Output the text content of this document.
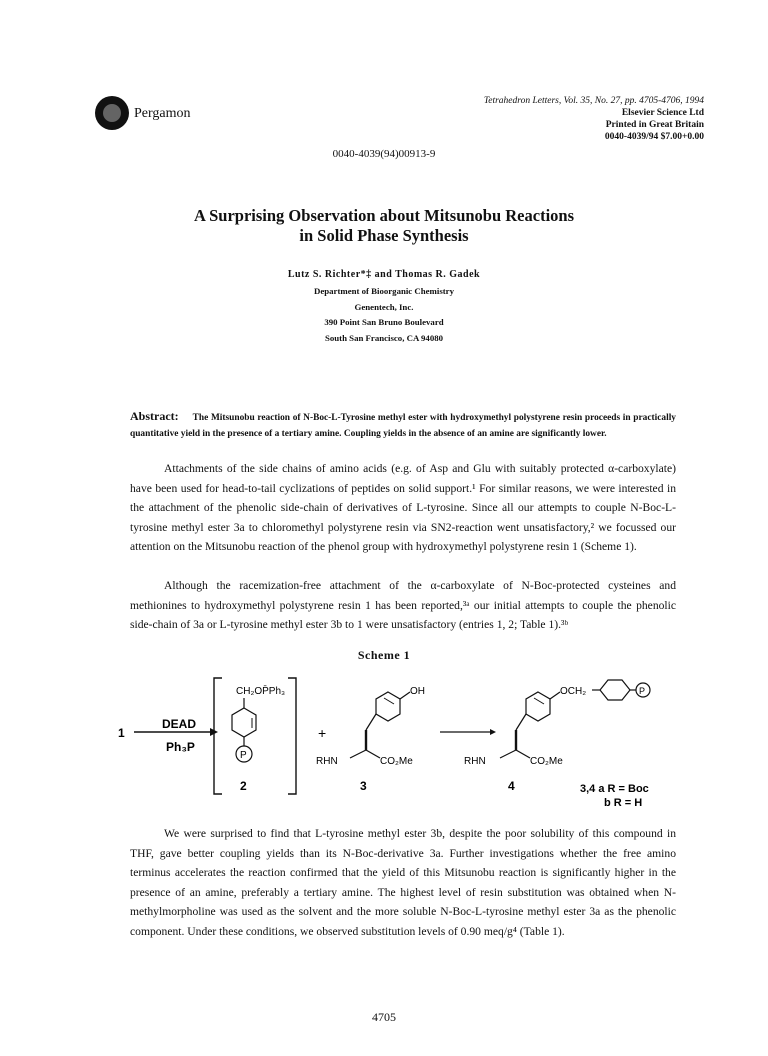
Pergamon
Tetrahedron Letters, Vol. 35, No. 27, pp. 4705-4706, 1994
Elsevier Science Ltd
Printed in Great Britain
0040-4039/94 $7.00+0.00
0040-4039(94)00913-9
A Surprising Observation about Mitsunobu Reactions
in Solid Phase Synthesis
Lutz S. Richter*‡ and Thomas R. Gadek
Department of Bioorganic Chemistry
Genentech, Inc.
390 Point San Bruno Boulevard
South San Francisco, CA 94080
Abstract: The Mitsunobu reaction of N-Boc-L-Tyrosine methyl ester with hydroxymethyl polystyrene resin proceeds in practically quantitative yield in the presence of a tertiary amine. Coupling yields in the absence of an amine are significantly lower.
Attachments of the side chains of amino acids (e.g. of Asp and Glu with suitably protected α-carboxylate) have been used for head-to-tail cyclizations of peptides on solid support.¹ For similar reasons, we were interested in the attachment of the phenolic side-chain of derivatives of L-tyrosine. Since all our attempts to couple N-Boc-L-tyrosine methyl ester 3a to chloromethyl polystyrene resin via SN2-reaction went unsatisfactory,² we focussed our attention on the Mitsunobu reaction of the phenol group with hydroxymethyl polystyrene resin 1 (Scheme 1).
Although the racemization-free attachment of the α-carboxylate of N-Boc-protected cysteines and methionines to hydroxymethyl polystyrene resin 1 has been reported,³ᵃ our initial attempts to couple the phenolic side-chain of 3a or L-tyrosine methyl ester 3b to 1 were unsatisfactory (entries 1, 2; Table 1).³ᵇ
Scheme 1
1
DEAD
Ph₃P
CH₂OP̄Ph₃
P
2
+
OH
RHN	CO₂Me
3
OCH₂	P
RHN	CO₂Me
4	3,4 a R = Boc
b R = H
We were surprised to find that L-tyrosine methyl ester 3b, despite the poor solubility of this compound in THF, gave better coupling yields than its N-Boc-derivative 3a. Further investigations whether the free amino terminus accelerates the reaction confirmed that the yield of this Mitsunobu reaction is significantly higher in the presence of an amine, preferably a tertiary amine. The highest level of resin substitution was obtained when N-methylmorpholine was used as the solvent and the more soluble N-Boc-L-tyrosine methyl ester 3a as the phenolic component. Under these conditions, we observed substitution levels of 0.90 meq/g⁴ (Table 1).
4705
